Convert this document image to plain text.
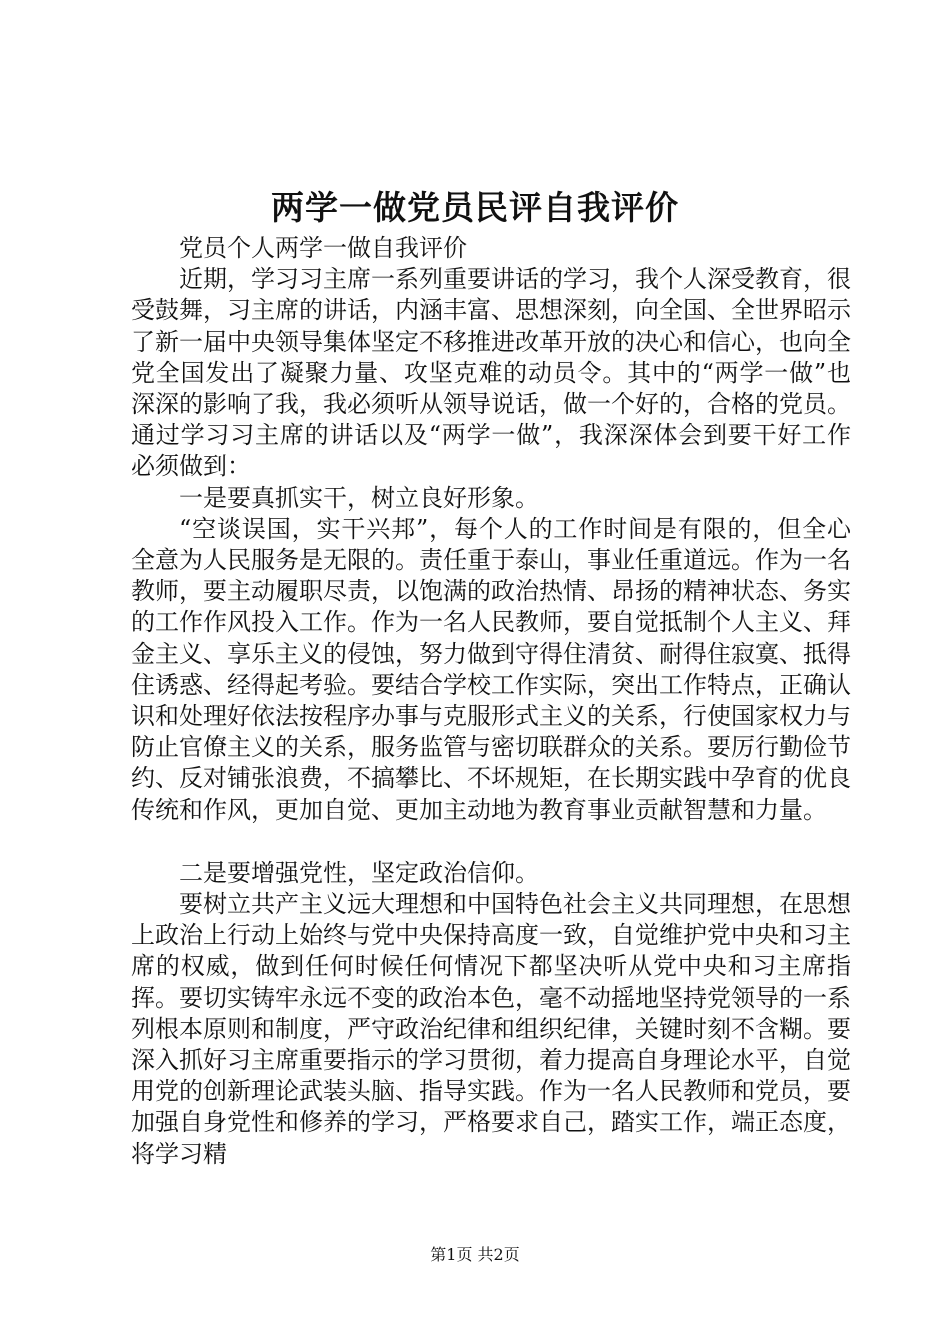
两学一做党员民评自我评价

党员个人两学一做自我评价

近期，学习习主席一系列重要讲话的学习，我个人深受教育，很受鼓舞，习主席的讲话，内涵丰富、思想深刻，向全国、全世界昭示了新一届中央领导集体坚定不移推进改革开放的决心和信心，也向全党全国发出了凝聚力量、攻坚克难的动员令。其中的“两学一做”也深深的影响了我，我必须听从领导说话，做一个好的，合格的党员。通过学习习主席的讲话以及“两学一做”，我深深体会到要干好工作必须做到：

一是要真抓实干，树立良好形象。

“空谈误国，实干兴邦”，每个人的工作时间是有限的，但全心全意为人民服务是无限的。责任重于泰山，事业任重道远。作为一名教师，要主动履职尽责，以饱满的政治热情、昂扬的精神状态、务实的工作作风投入工作。作为一名人民教师，要自觉抵制个人主义、拜金主义、享乐主义的侵蚀，努力做到守得住清贫、耐得住寂寞、抵得住诱惑、经得起考验。要结合学校工作实际，突出工作特点，正确认识和处理好依法按程序办事与克服形式主义的关系，行使国家权力与防止官僚主义的关系，服务监管与密切联群众的关系。要厉行勤俭节约、反对铺张浪费，不搞攀比、不坏规矩，在长期实践中孕育的优良传统和作风，更加自觉、更加主动地为教育事业贡献智慧和力量。

二是要增强党性，坚定政治信仰。

要树立共产主义远大理想和中国特色社会主义共同理想，在思想上政治上行动上始终与党中央保持高度一致，自觉维护党中央和习主席的权威，做到任何时候任何情况下都坚决听从党中央和习主席指挥。要切实铸牢永远不变的政治本色，毫不动摇地坚持党领导的一系列根本原则和制度，严守政治纪律和组织纪律，关键时刻不含糊。要深入抓好习主席重要指示的学习贯彻，着力提高自身理论水平，自觉用党的创新理论武装头脑、指导实践。作为一名人民教师和党员，要加强自身党性和修养的学习，严格要求自己，踏实工作，端正态度，将学习精

第1页 共2页
